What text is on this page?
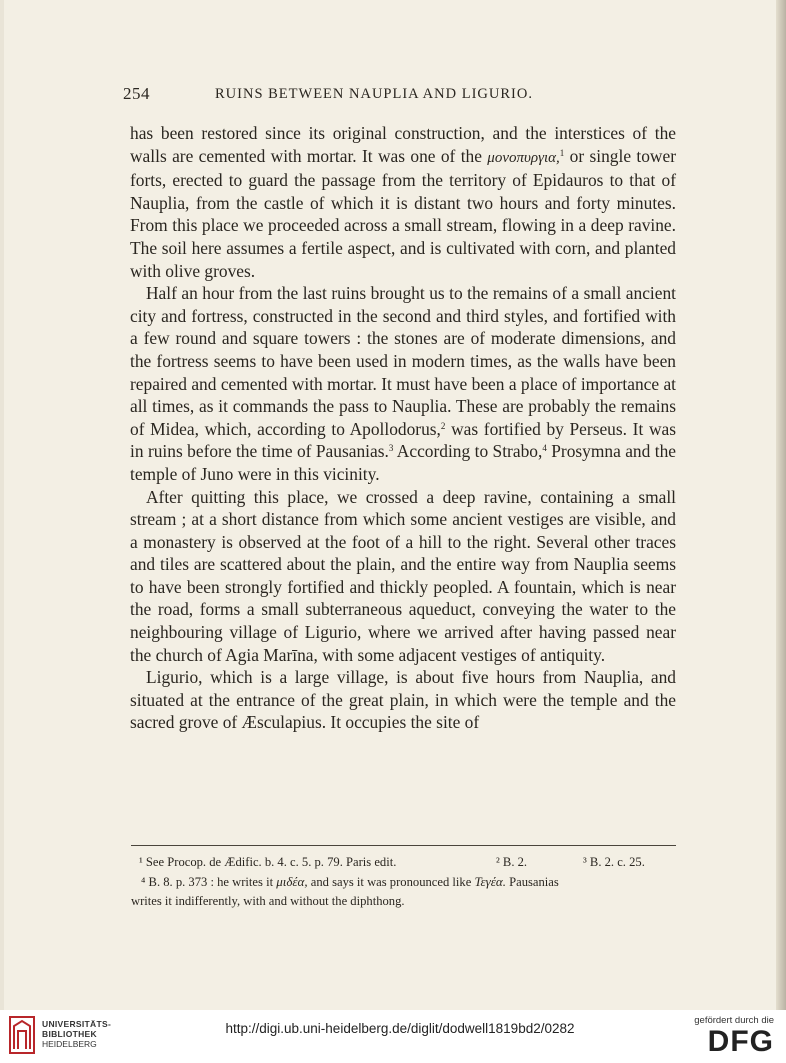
254	RUINS BETWEEN NAUPLIA AND LIGURIO.

has been restored since its original construction, and the interstices of the walls are cemented with mortar. It was one of the μονοπυργια,$^1$ or single tower forts, erected to guard the passage from the territory of Epidauros to that of Nauplia, from the castle of which it is distant two hours and forty minutes. From this place we proceeded across a small stream, flowing in a deep ravine. The soil here assumes a fertile aspect, and is cultivated with corn, and planted with olive groves.

Half an hour from the last ruins brought us to the remains of a small ancient city and fortress, constructed in the second and third styles, and fortified with a few round and square towers : the stones are of moderate dimensions, and the fortress seems to have been used in modern times, as the walls have been repaired and cemented with mortar. It must have been a place of importance at all times, as it commands the pass to Nauplia. These are probably the remains of Midea, which, according to Apollodorus,$^2$ was fortified by Perseus. It was in ruins before the time of Pausanias.$^3$ According to Strabo,$^4$ Prosymna and the temple of Juno were in this vicinity.

After quitting this place, we crossed a deep ravine, containing a small stream ; at a short distance from which some ancient vestiges are visible, and a monastery is observed at the foot of a hill to the right. Several other traces and tiles are scattered about the plain, and the entire way from Nauplia seems to have been strongly fortified and thickly peopled. A fountain, which is near the road, forms a small subterraneous aqueduct, conveying the water to the neighbouring village of Ligurio, where we arrived after having passed near the church of Agia Marīna, with some adjacent vestiges of antiquity.

Ligurio, which is a large village, is about five hours from Nauplia, and situated at the entrance of the great plain, in which were the temple and the sacred grove of Æsculapius. It occupies the site of

¹ See Procop. de Ædific. b. 4. c. 5. p. 79. Paris edit.	² B. 2.	³ B. 2. c. 25.
⁴ B. 8. p. 373 : he writes it μιδέα, and says it was pronounced like Τεγέα. Pausanias
writes it indifferently, with and without the diphthong.
UNIVERSITÄTS-
BIBLIOTHEK
HEIDELBERG
http://digi.ub.uni-heidelberg.de/diglit/dodwell1819bd2/0282
gefördert durch die
DFG
